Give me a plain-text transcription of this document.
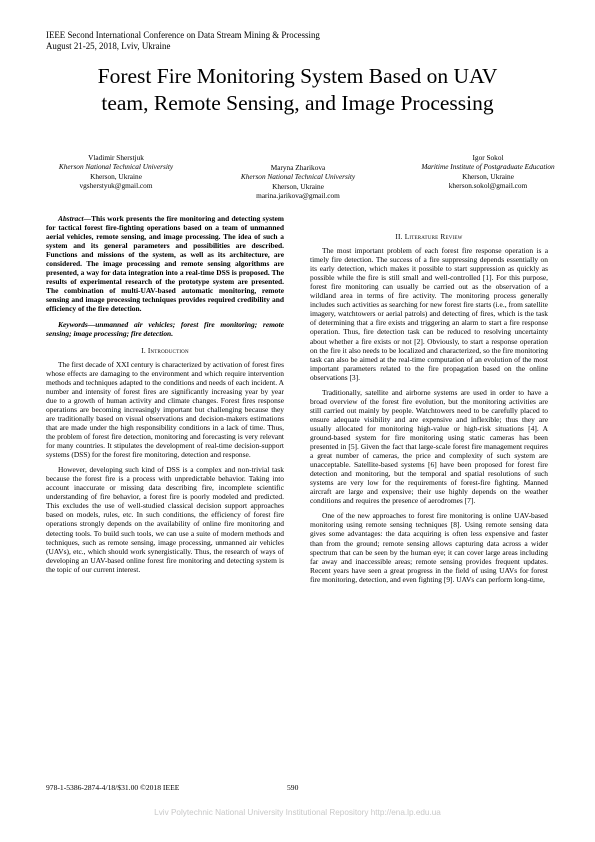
IEEE Second International Conference on Data Stream Mining & Processing
August 21-25, 2018, Lviv, Ukraine
Forest Fire Monitoring System Based on UAV
team, Remote Sensing, and Image Processing
Vladimir Sherstjuk
Kherson National Technical University
Kherson, Ukraine
vgsherstyuk@gmail.com
Maryna Zharikova
Kherson National Technical University
Kherson, Ukraine
marina.jarikova@gmail.com
Igor Sokol
Maritime Institute of Postgraduate Education
Kherson, Ukraine
kherson.sokol@gmail.com

Abstract—This work presents the fire monitoring and detecting system for tactical forest fire-fighting operations based on a team of unmanned aerial vehicles, remote sensing, and image processing. The idea of such a system and its general parameters and possibilities are described. Functions and missions of the system, as well as its architecture, are considered. The image processing and remote sensing algorithms are presented, a way for data integration into a real-time DSS is proposed. The results of experimental research of the prototype system are presented. The combination of multi-UAV-based automatic monitoring, remote sensing and image processing techniques provides required credibility and efficiency of the fire detection.

Keywords—unmanned air vehicles; forest fire monitoring; remote sensing; image processing; fire detection.

I. Introduction

The first decade of XXI century is characterized by activation of forest fires whose effects are damaging to the environment and which require intervention methods and techniques adapted to the conditions and needs of each incident. A number and intensity of forest fires are significantly increasing year by year due to a growth of human activity and climate changes. Forest fires response operations are becoming increasingly important but challenging because they are traditionally based on visual observations and decision-makers estimations that are made under the high responsibility conditions in a lack of time. Thus, the problem of forest fire detection, monitoring and forecasting is very relevant for many countries. It stipulates the development of real-time decision-support systems (DSS) for the forest fire monitoring, detection and response.

However, developing such kind of DSS is a complex and non-trivial task because the forest fire is a process with unpredictable behavior. Taking into account inaccurate or missing data describing fire, incomplete scientific understanding of fire behavior, a forest fire is poorly modeled and predicted. This excludes the use of well-studied classical decision support approaches based on models, rules, etc. In such conditions, the efficiency of forest fire operations strongly depends on the availability of online fire monitoring and detecting tools. To build such tools, we can use a suite of modern methods and techniques, such as remote sensing, image processing, unmanned air vehicles (UAVs), etc., which should work synergistically. Thus, the research of ways of developing an UAV-based online forest fire monitoring and detecting system is the topic of our current interest.

II. Literature Review

The most important problem of each forest fire response operation is a timely fire detection. The success of a fire suppressing depends essentially on its early detection, which makes it possible to start suppression as quickly as possible while the fire is still small and well-controlled [1]. For this purpose, forest fire monitoring can usually be carried out as the observation of a wildland area in terms of fire activity. The monitoring process generally includes such activities as searching for new forest fire starts (i.e., from satellite imagery, watchtowers or aerial patrols) and detecting of fires, which is the task of determining that a fire exists and triggering an alarm to start a fire response operation. Thus, fire detection task can be reduced to resolving uncertainty about whether a fire exists or not [2]. Obviously, to start a response operation on the fire it also needs to be localized and characterized, so the fire monitoring task can also be aimed at the real-time computation of an evolution of the most important parameters related to the fire propagation based on the online observations [3].

Traditionally, satellite and airborne systems are used in order to have a broad overview of the forest fire evolution, but the monitoring activities are still carried out mainly by people. Watchtowers need to be carefully placed to ensure adequate visibility and are expensive and inflexible; thus they are usually allocated for monitoring high-value or high-risk situations [4]. A ground-based system for fire monitoring using static cameras has been presented in [5]. Given the fact that large-scale forest fire management requires a great number of cameras, the price and complexity of such system are unacceptable. Satellite-based systems [6] have been proposed for forest fire detection and monitoring, but the temporal and spatial resolutions of such systems are very low for the requirements of forest-fire fighting. Manned aircraft are large and expensive; their use highly depends on the weather conditions and requires the presence of aerodromes [7].

One of the new approaches to forest fire monitoring is online UAV-based monitoring using remote sensing techniques [8]. Using remote sensing data gives some advantages: the data acquiring is often less expensive and faster than from the ground; remote sensing allows capturing data across a wider spectrum that can be seen by the human eye; it can cover large areas including far away and inaccessible areas; remote sensing provides frequent updates. Recent years have seen a great progress in the field of using UAVs for forest fire monitoring, detection, and even fighting [9]. UAVs can perform long-time,

978-1-5386-2874-4/18/$31.00 ©2018 IEEE	590
Lviv Polytechnic National University Institutional Repository http://ena.lp.edu.ua
